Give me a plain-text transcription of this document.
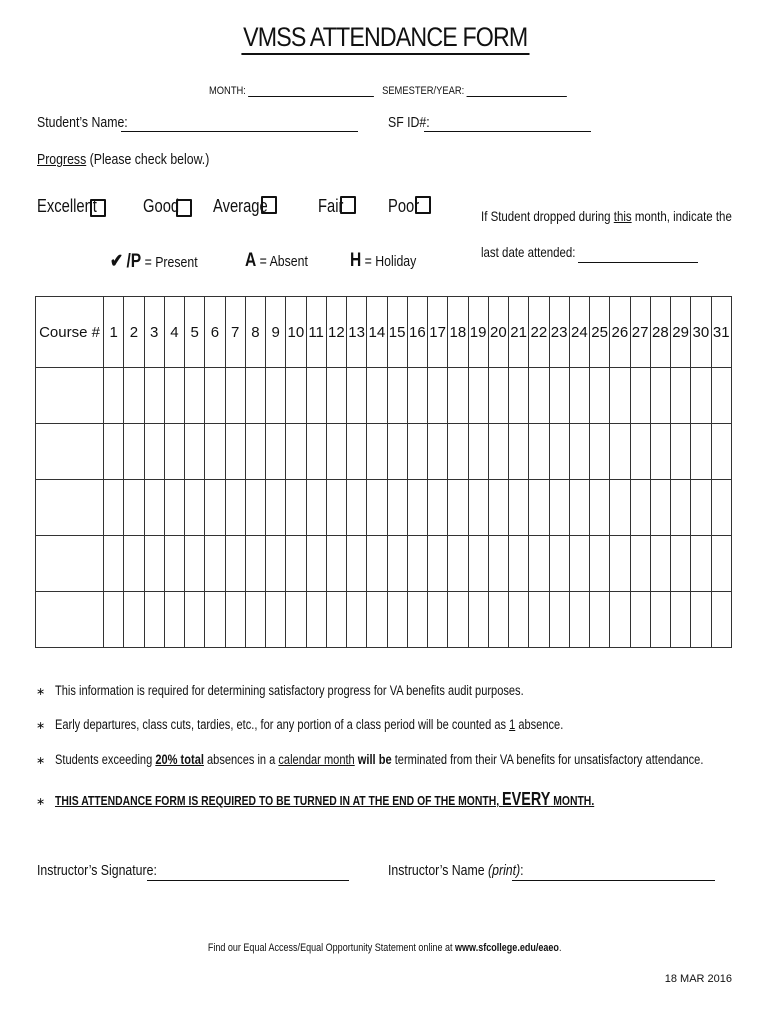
VMSS ATTENDANCE FORM
MONTH:	SEMESTER/YEAR:
Student’s Name:	SF ID#:
Progress (Please check below.)
Excellent	Good	Average	Fair	Poor	If Student dropped during this month, indicate the
last date attended:
✔ /P = Present	A = Absent	H = Holiday
Course #	1	2	3	4	5	6	7	8	9	10	11	12	13	14	15	16	17	18	19	20	21	22	23	24	25	26	27	28	29	30	31

∗ This information is required for determining satisfactory progress for VA benefits audit purposes.
∗ Early departures, class cuts, tardies, etc., for any portion of a class period will be counted as 1 absence.
∗ Students exceeding 20% total absences in a calendar month will be terminated from their VA benefits for unsatisfactory attendance.
∗ THIS ATTENDANCE FORM IS REQUIRED TO BE TURNED IN AT THE END OF THE MONTH, EVERY MONTH.
Instructor’s Signature:	Instructor’s Name (print):
Find our Equal Access/Equal Opportunity Statement online at www.sfcollege.edu/eaeo.
18 MAR 2016
